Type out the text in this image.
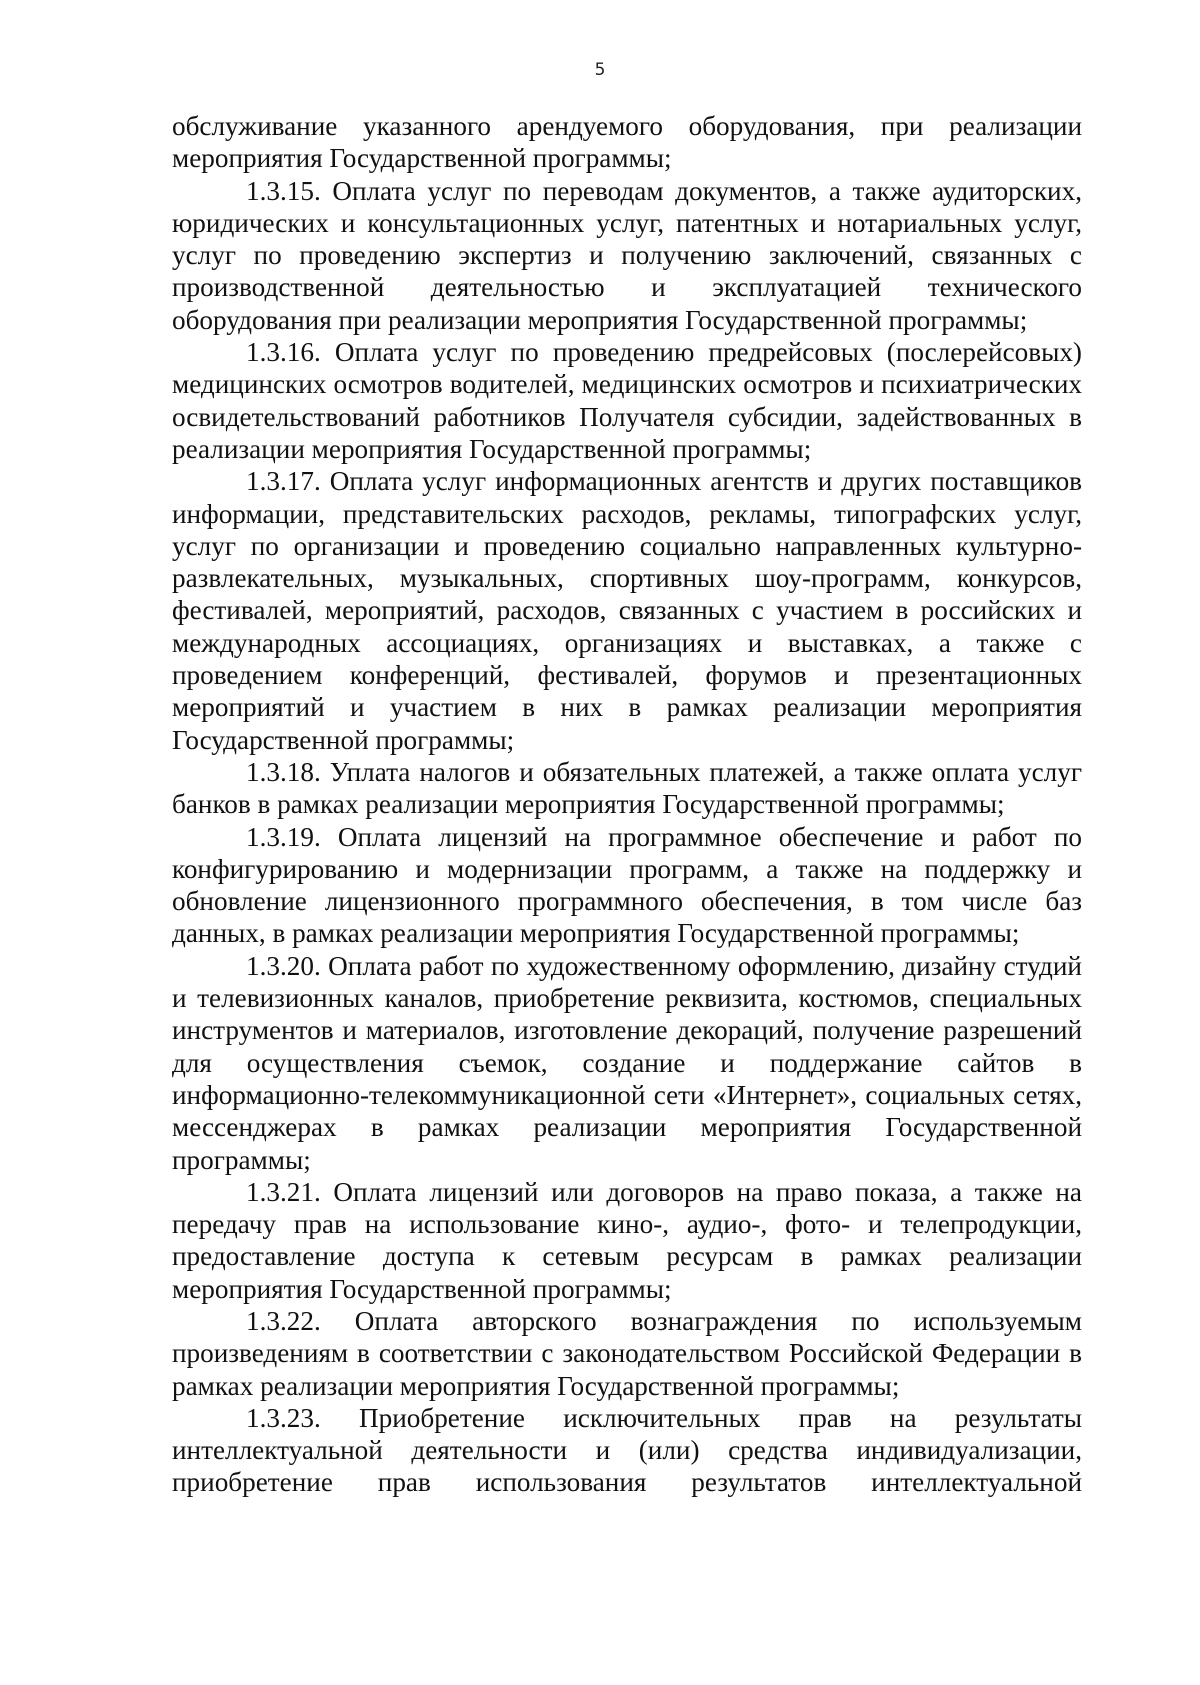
5

обслуживание указанного арендуемого оборудования, при реализации мероприятия Государственной программы;

1.3.15. Оплата услуг по переводам документов, а также аудиторских, юридических и консультационных услуг, патентных и нотариальных услуг, услуг по проведению экспертиз и получению заключений, связанных с производственной деятельностью и эксплуатацией технического оборудования при реализации мероприятия Государственной программы;

1.3.16. Оплата услуг по проведению предрейсовых (послерейсовых) медицинских осмотров водителей, медицинских осмотров и психиатрических освидетельствований работников Получателя субсидии, задействованных в реализации мероприятия Государственной программы;

1.3.17. Оплата услуг информационных агентств и других поставщиков информации, представительских расходов, рекламы, типографских услуг, услуг по организации и проведению социально направленных культурно-развлекательных, музыкальных, спортивных шоу-программ, конкурсов, фестивалей, мероприятий, расходов, связанных с участием в российских и международных ассоциациях, организациях и выставках, а также с проведением конференций, фестивалей, форумов и презентационных мероприятий и участием в них в рамках реализации мероприятия Государственной программы;

1.3.18. Уплата налогов и обязательных платежей, а также оплата услуг банков в рамках реализации мероприятия Государственной программы;

1.3.19. Оплата лицензий на программное обеспечение и работ по конфигурированию и модернизации программ, а также на поддержку и обновление лицензионного программного обеспечения, в том числе баз данных, в рамках реализации мероприятия Государственной программы;

1.3.20. Оплата работ по художественному оформлению, дизайну студий и телевизионных каналов, приобретение реквизита, костюмов, специальных инструментов и материалов, изготовление декораций, получение разрешений для осуществления съемок, создание и поддержание сайтов в информационно-телекоммуникационной сети «Интернет», социальных сетях, мессенджерах в рамках реализации мероприятия Государственной программы;

1.3.21. Оплата лицензий или договоров на право показа, а также на передачу прав на использование кино-, аудио-, фото- и телепродукции, предоставление доступа к сетевым ресурсам в рамках реализации мероприятия Государственной программы;

1.3.22. Оплата авторского вознаграждения по используемым произведениям в соответствии с законодательством Российской Федерации в рамках реализации мероприятия Государственной программы;

1.3.23. Приобретение исключительных прав на результаты интеллектуальной деятельности и (или) средства индивидуализации, приобретение прав использования результатов интеллектуальной
